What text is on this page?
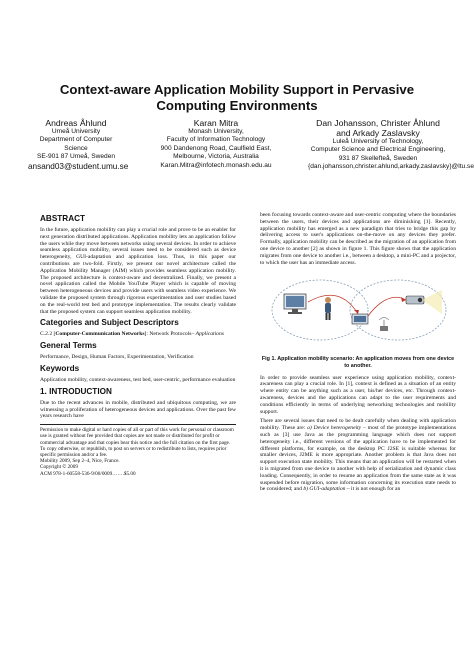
Context-aware Application Mobility Support in Pervasive Computing Environments
Andreas Åhlund
Umeå University
Department of Computer Science
SE-901 87 Umeå, Sweden
ansand03@student.umu.se
Karan Mitra
Monash University,
Faculty of Information Technology
900 Dandenong Road, Caulfield East,
Melbourne, Victoria, Australia
Karan.Mitra@infotech.monash.edu.au
Dan Johansson, Christer Åhlund and Arkady Zaslavsky
Luleå University of Technology,
Computer Science and Electrical Engineering,
931 87 Skellefteå, Sweden
{dan.johansson,christer.ahlund,arkady.zaslavsky}@ltu.se
ABSTRACT

In the future, application mobility can play a crucial role and prove to be an enabler for next generation distributed applications. Application mobility lets an application follow the users while they move between networks using several devices. In order to achieve seamless application mobility, several issues need to be considered such as device heterogeneity, GUI-adaptation and application loss. Thus, in this paper our contributions are two-fold. Firstly, we present our novel architecture called the Application Mobility Manager (AIM) which provides seamless application mobility. The proposed architecture is context-aware and decentralized. Finally, we present a novel application called the Mobile YouTube Player which is capable of moving between heterogeneous devices and provide users with seamless video experience. We validate the proposed system through rigorous experimentation and user studies based on the real-world test bed and prototype implementation. The results clearly validate that the proposed system can support seamless application mobility.

Categories and Subject Descriptors

C.2.2 [Computer-Communication Networks]: Network Protocols– Applications

General Terms

Performance, Design, Human Factors, Experimentation, Verification

Keywords

Application mobility, context-awareness, test bed, user-centric, performance evaluation

1. INTRODUCTION

Due to the recent advances in mobile, distributed and ubiquitous computing, we are witnessing a proliferation of heterogeneous devices and applications. Over the past few years research have

Permission to make digital or hard copies of all or part of this work for personal or classroom use is granted without fee provided that copies are not made or distributed for profit or commercial advantage and that copies bear this notice and the full citation on the first page. To copy otherwise, or republish, to post on servers or to redistribute to lists, requires prior specific permission and/or a fee.
Mobility 2009, Sep 2–4, Nice, France.
Copyright © 2009
ACM 978-1-60558-536-9/00/0009…….$5.00

been focusing towards context-aware and user-centric computing where the boundaries between the users, their devices and applications are diminishing [1]. Recently, application mobility has emerged as a new paradigm that tries to bridge this gap by delivering access to user's applications on-the-move on any devices they prefer. Formally, application mobility can be described as the migration of an application from one device to another [2] as shown in figure 1. This figure shows that the application migrates from one device to another i.e., between a desktop, a mini-PC and a projector, to which the user has an immediate access.

Fig 1. Application mobility scenario: An application moves from one device to another.

In order to provide seamless user experience using application mobility, context-awareness can play a crucial role. In [1], context is defined as a situation of an entity where entity can be anything such as a user, his/her devices, etc. Through context-awareness, devices and the applications can adapt to the user requirements and conditions efficiently in terms of underlying networking technologies and mobility support.

There are several issues that need to be dealt carefully when dealing with application mobility. These are: a) Device heterogeneity – most of the prototype implementations such as [3] use Java as the programming language which does not support heterogeneity i.e., different versions of the application have to be implemented for different platforms, for example, on the desktop PC J2SE is suitable whereas for smaller devices, J2ME is more appropriate. Another problem is that Java does not support execution state mobility. This means that an application will be restarted when it is migrated from one device to another with help of serialization and dynamic class loading. Consequently, in order to resume an application from the same state as it was suspended before migration, some information concerning its execution state needs to be considered; and b) GUI-adaptation – it is not enough for an
